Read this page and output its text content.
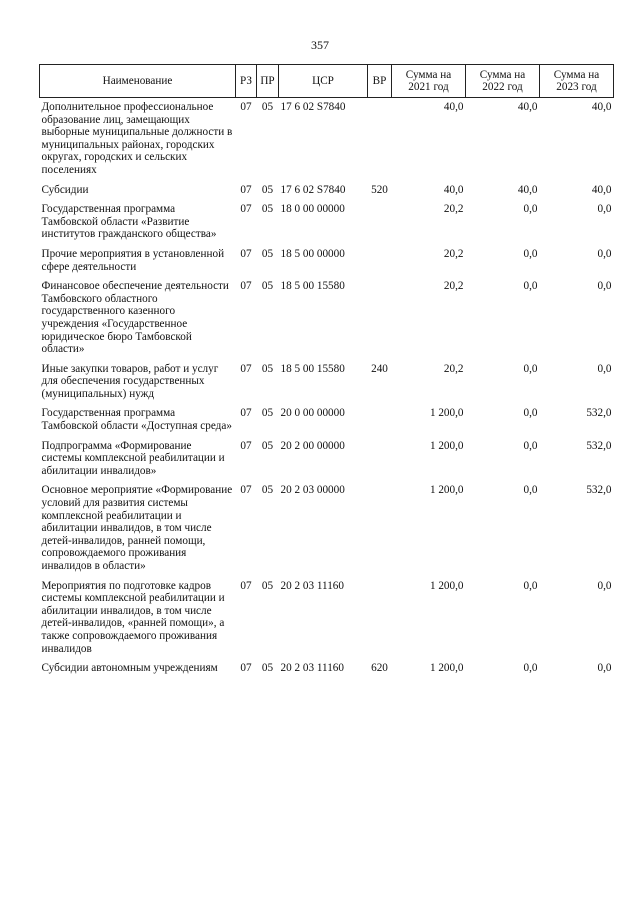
357
Наименование	РЗ	ПР	ЦСР	ВР	Сумма на 2021 год	Сумма на 2022 год	Сумма на 2023 год
Дополнительное профессиональное образование лиц, замещающих выборные муниципальные должности в муниципальных районах, городских округах, городских и сельских поселениях	07	05	17 6 02 S7840		40,0	40,0	40,0
Субсидии	07	05	17 6 02 S7840	520	40,0	40,0	40,0
Государственная программа Тамбовской области «Развитие институтов гражданского общества»	07	05	18 0 00 00000		20,2	0,0	0,0
Прочие мероприятия в установленной сфере деятельности	07	05	18 5 00 00000		20,2	0,0	0,0
Финансовое обеспечение деятельности Тамбовского областного государственного казенного учреждения «Государственное юридическое бюро Тамбовской области»	07	05	18 5 00 15580		20,2	0,0	0,0
Иные закупки товаров, работ и услуг для обеспечения государственных (муниципальных) нужд	07	05	18 5 00 15580	240	20,2	0,0	0,0
Государственная программа Тамбовской области «Доступная среда»	07	05	20 0 00 00000		1 200,0	0,0	532,0
Подпрограмма «Формирование системы комплексной реабилитации и абилитации инвалидов»	07	05	20 2 00 00000		1 200,0	0,0	532,0
Основное мероприятие «Формирование условий для развития системы комплексной реабилитации и абилитации инвалидов, в том числе детей-инвалидов, ранней помощи, сопровождаемого проживания инвалидов в области»	07	05	20 2 03 00000		1 200,0	0,0	532,0
Мероприятия по подготовке кадров системы комплексной реабилитации и абилитации инвалидов, в том числе детей-инвалидов, «ранней помощи», а также сопровождаемого проживания инвалидов	07	05	20 2 03 11160		1 200,0	0,0	0,0
Субсидии автономным учреждениям	07	05	20 2 03 11160	620	1 200,0	0,0	0,0
